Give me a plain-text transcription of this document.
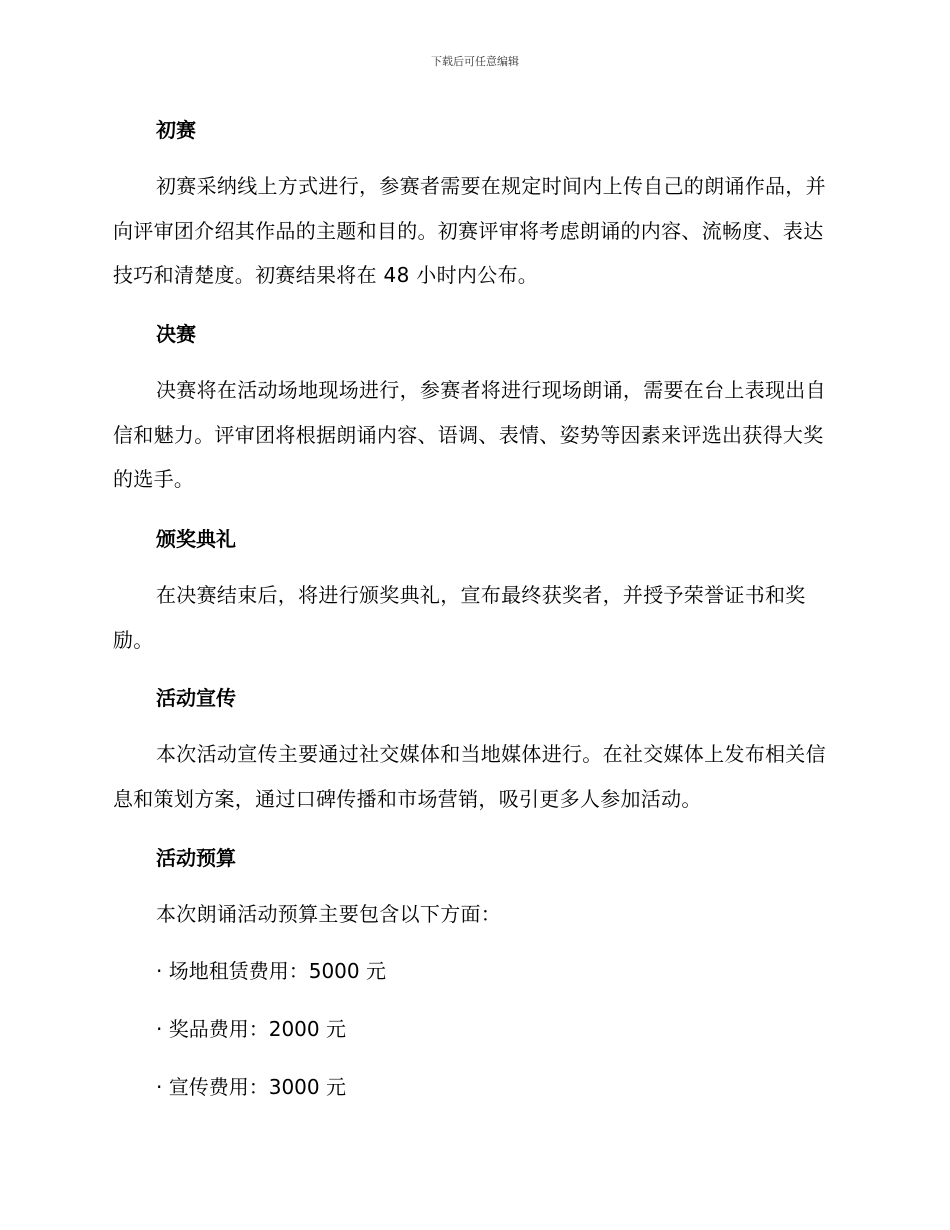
下载后可任意编辑
初赛
初赛采纳线上方式进行，参赛者需要在规定时间内上传自己的朗诵作品，并向评审团介绍其作品的主题和目的。初赛评审将考虑朗诵的内容、流畅度、表达技巧和清楚度。初赛结果将在 48 小时内公布。
决赛
决赛将在活动场地现场进行，参赛者将进行现场朗诵，需要在台上表现出自信和魅力。评审团将根据朗诵内容、语调、表情、姿势等因素来评选出获得大奖的选手。
颁奖典礼
在决赛结束后，将进行颁奖典礼，宣布最终获奖者，并授予荣誉证书和奖励。
活动宣传
本次活动宣传主要通过社交媒体和当地媒体进行。在社交媒体上发布相关信息和策划方案，通过口碑传播和市场营销，吸引更多人参加活动。
活动预算
本次朗诵活动预算主要包含以下方面：
· 场地租赁费用：5000 元
· 奖品费用：2000 元
· 宣传费用：3000 元
